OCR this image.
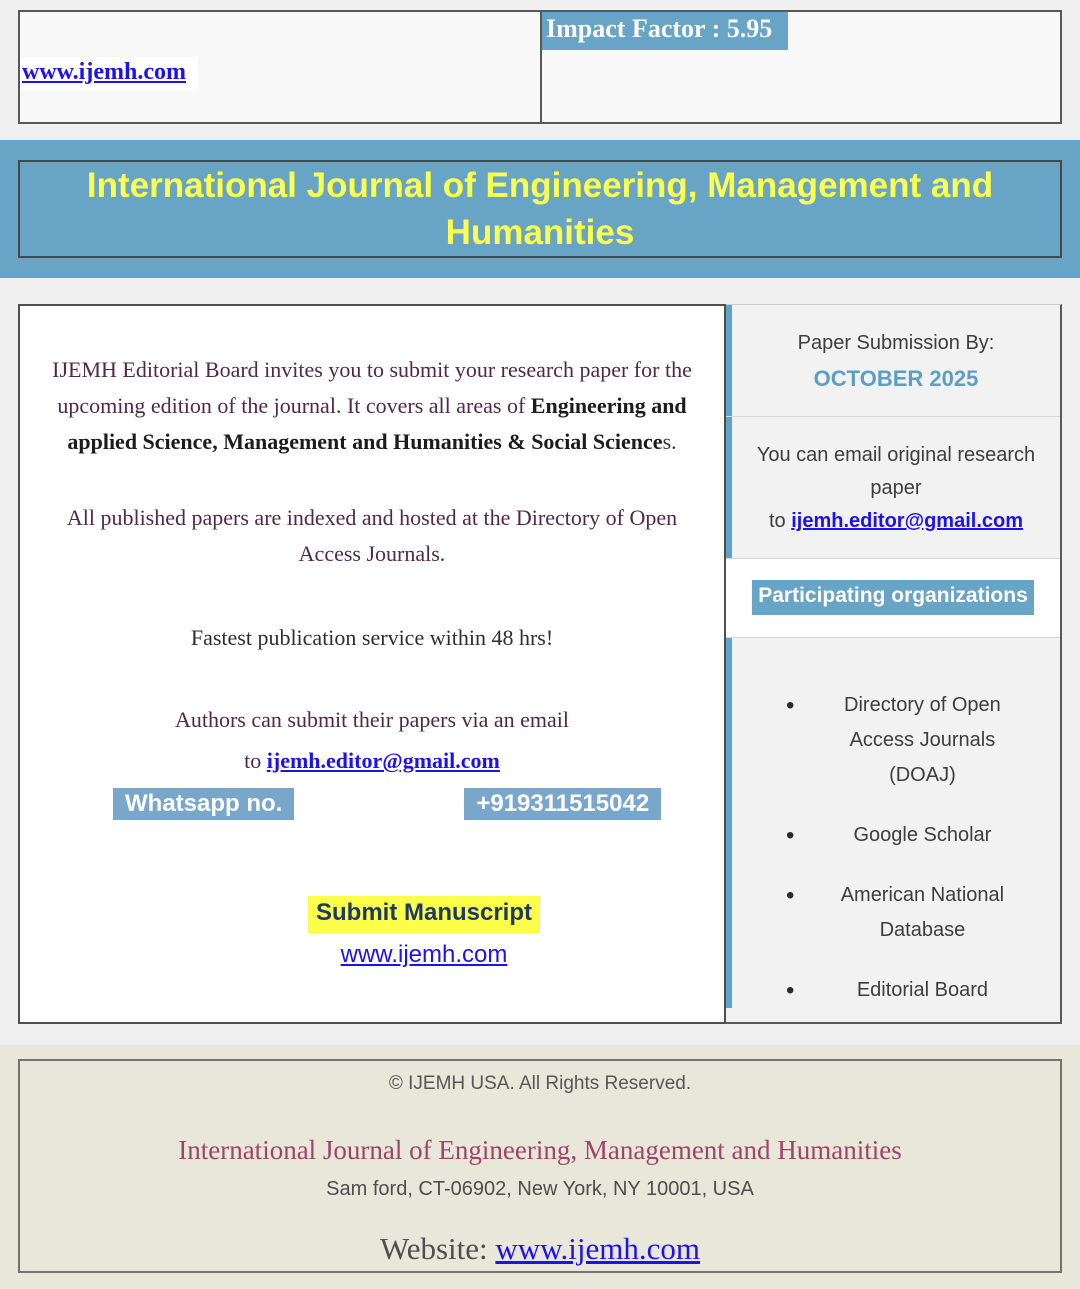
www.ijemh.com
Impact Factor : 5.95
International Journal of Engineering, Management and Humanities

IJEMH Editorial Board invites you to submit your research paper for the upcoming edition of the journal. It covers all areas of Engineering and applied Science, Management and Humanities & Social Sciences.

All published papers are indexed and hosted at the Directory of Open Access Journals.

Fastest publication service within 48 hrs!

Authors can submit their papers via an email

to ijemh.editor@gmail.com

Whatsapp no.	+919311515042
Submit Manuscript
www.ijemh.com
Paper Submission By:
OCTOBER 2025
You can email original research paper
to ijemh.editor@gmail.com
Participating organizations
•	Directory of Open Access Journals (DOAJ)
•	Google Scholar
•	American National Database
•	Editorial Board
© IJEMH USA. All Rights Reserved.
International Journal of Engineering, Management and Humanities
Sam ford, CT-06902, New York, NY 10001, USA
Website: www.ijemh.com
